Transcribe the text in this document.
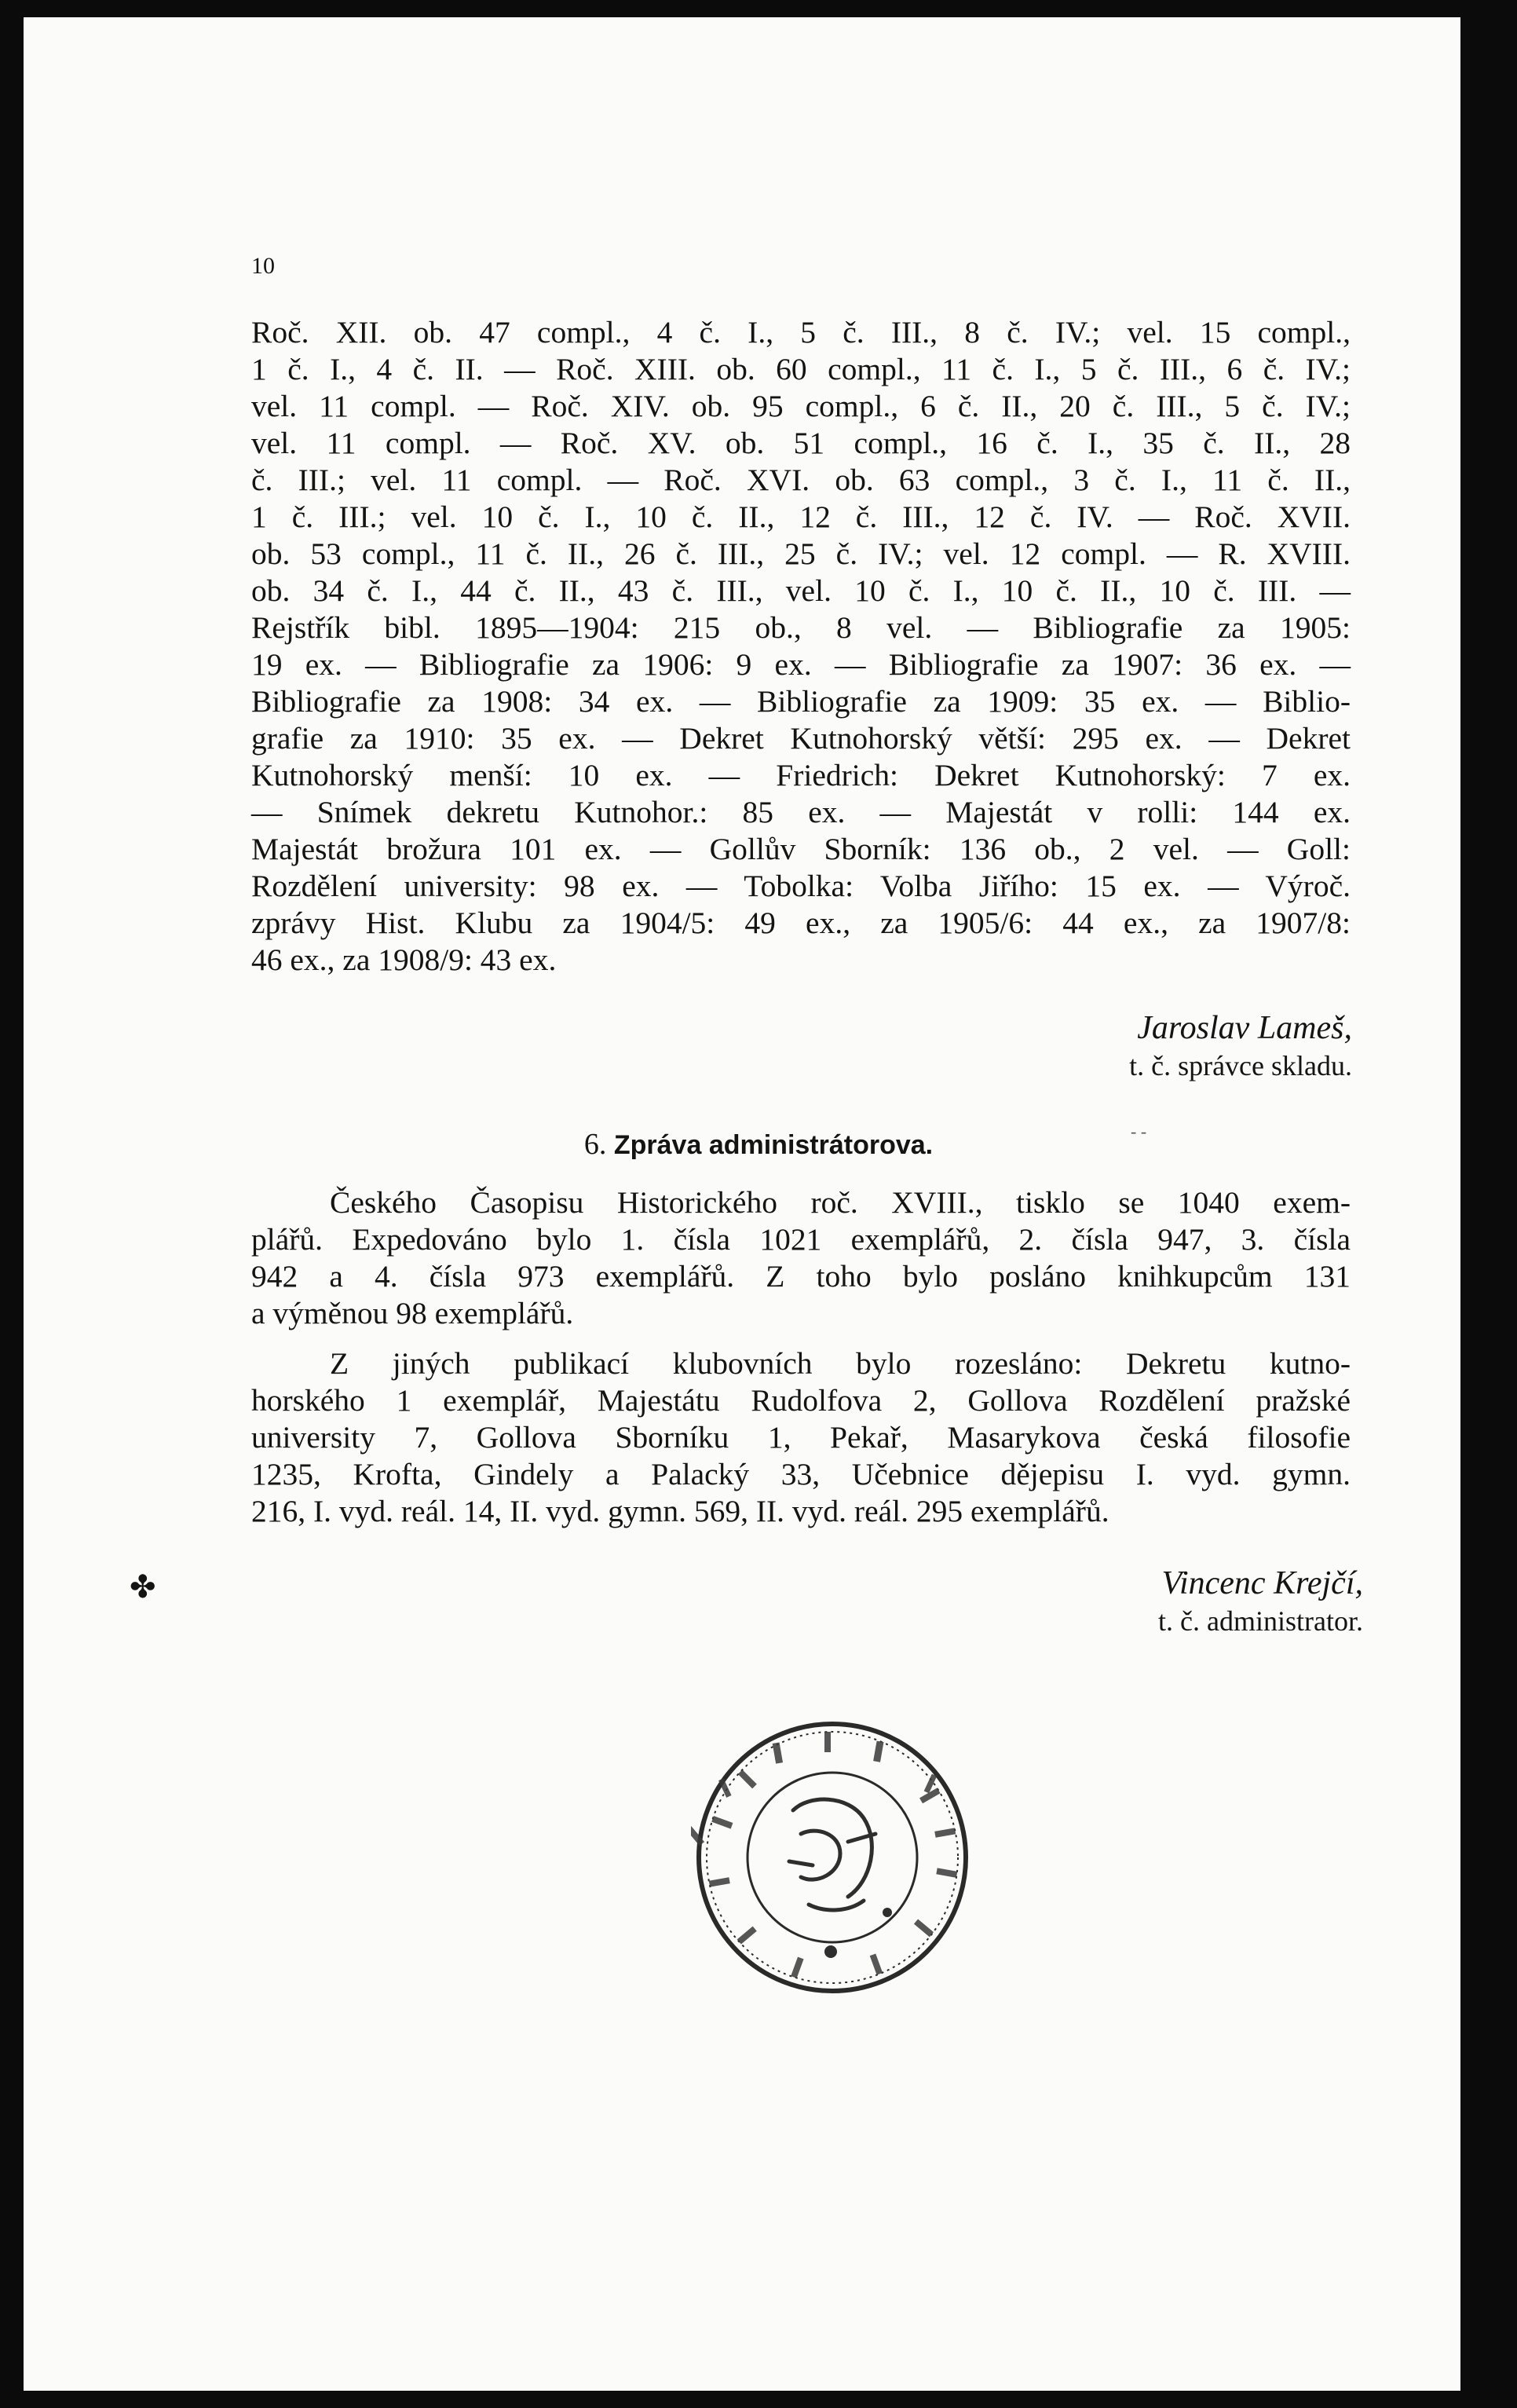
10

Roč. XII. ob. 47 compl., 4 č. I., 5 č. III., 8 č. IV.; vel. 15 compl.,
1 č. I., 4 č. II. — Roč. XIII. ob. 60 compl., 11 č. I., 5 č. III., 6 č. IV.;
vel. 11 compl. — Roč. XIV. ob. 95 compl., 6 č. II., 20 č. III., 5 č. IV.;
vel. 11 compl. — Roč. XV. ob. 51 compl., 16 č. I., 35 č. II., 28
č. III.; vel. 11 compl. — Roč. XVI. ob. 63 compl., 3 č. I., 11 č. II.,
1 č. III.; vel. 10 č. I., 10 č. II., 12 č. III., 12 č. IV. — Roč. XVII.
ob. 53 compl., 11 č. II., 26 č. III., 25 č. IV.; vel. 12 compl. — R. XVIII.
ob. 34 č. I., 44 č. II., 43 č. III., vel. 10 č. I., 10 č. II., 10 č. III. —
Rejstřík bibl. 1895—1904: 215 ob., 8 vel. — Bibliografie za 1905:
19 ex. — Bibliografie za 1906: 9 ex. — Bibliografie za 1907: 36 ex. —
Bibliografie za 1908: 34 ex. — Bibliografie za 1909: 35 ex. — Biblio-
grafie za 1910: 35 ex. — Dekret Kutnohorský větší: 295 ex. — Dekret
Kutnohorský menší: 10 ex. — Friedrich: Dekret Kutnohorský: 7 ex.
— Snímek dekretu Kutnohor.: 85 ex. — Majestát v rolli: 144 ex.
Majestát brožura 101 ex. — Gollův Sborník: 136 ob., 2 vel. — Goll:
Rozdělení university: 98 ex. — Tobolka: Volba Jiřího: 15 ex. — Výroč.
zprávy Hist. Klubu za 1904/5: 49 ex., za 1905/6: 44 ex., za 1907/8:
46 ex., za 1908/9: 43 ex.
Jaroslav Lameš,
t. č. správce skladu.
6. Zpráva administrátorova.
Českého Časopisu Historického roč. XVIII., tisklo se 1040 exem-
plářů. Expedováno bylo 1. čísla 1021 exemplářů, 2. čísla 947, 3. čísla
942 a 4. čísla 973 exemplářů. Z toho bylo posláno knihkupcům 131
a výměnou 98 exemplářů.
Z jiných publikací klubovních bylo rozesláno: Dekretu kutno-
horského 1 exemplář, Majestátu Rudolfova 2, Gollova Rozdělení pražské
university 7, Gollova Sborníku 1, Pekař, Masarykova česká filosofie
1235, Krofta, Gindely a Palacký 33, Učebnice dějepisu I. vyd. gymn.
216, I. vyd. reál. 14, II. vyd. gymn. 569, II. vyd. reál. 295 exemplářů.
Vincenc Krejčí,
t. č. administrator.

✤

- ‑
